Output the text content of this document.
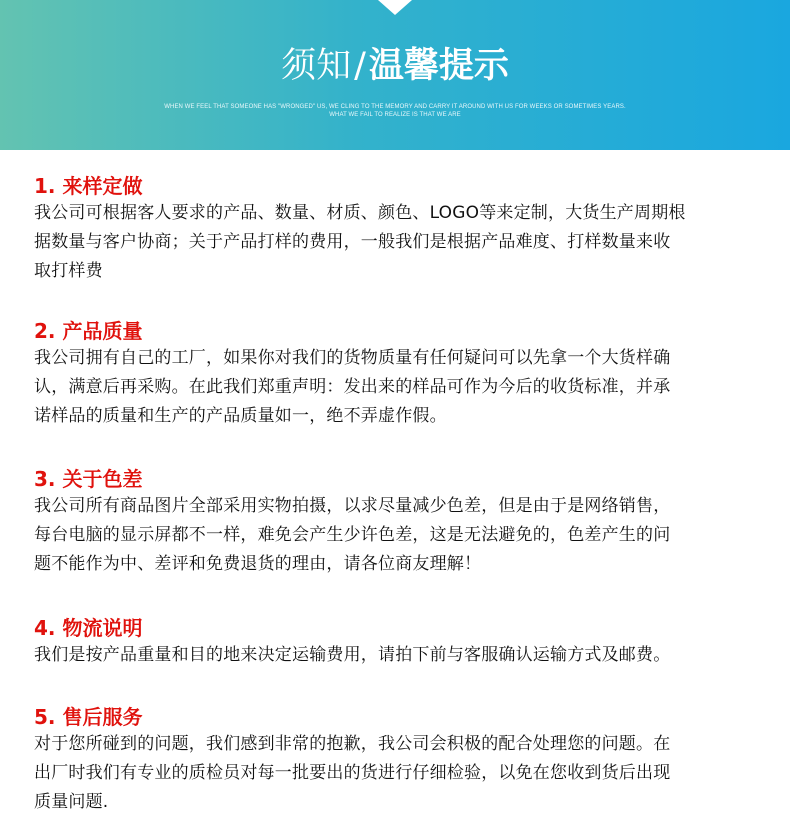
须知/温馨提示
WHEN WE FEEL THAT SOMEONE HAS "WRONGED" US, WE CLING TO THE MEMORY AND CARRY IT AROUND WITH US FOR WEEKS OR SOMETIMES YEARS.
WHAT WE FAIL TO REALIZE IS THAT WE ARE
1. 来样定做

我公司可根据客人要求的产品、数量、材质、颜色、LOGO等来定制，大货生产周期根

据数量与客户协商；关于产品打样的费用，一般我们是根据产品难度、打样数量来收

取打样费

2. 产品质量

我公司拥有自己的工厂，如果你对我们的货物质量有任何疑问可以先拿一个大货样确

认，满意后再采购。在此我们郑重声明：发出来的样品可作为今后的收货标准，并承

诺样品的质量和生产的产品质量如一，绝不弄虚作假。

3. 关于色差

我公司所有商品图片全部采用实物拍摄，以求尽量减少色差，但是由于是网络销售，

每台电脑的显示屏都不一样，难免会产生少许色差，这是无法避免的，色差产生的问

题不能作为中、差评和免费退货的理由，请各位商友理解！

4. 物流说明

我们是按产品重量和目的地来决定运输费用，请拍下前与客服确认运输方式及邮费。

5. 售后服务

对于您所碰到的问题，我们感到非常的抱歉，我公司会积极的配合处理您的问题。在

出厂时我们有专业的质检员对每一批要出的货进行仔细检验，以免在您收到货后出现

质量问题.
